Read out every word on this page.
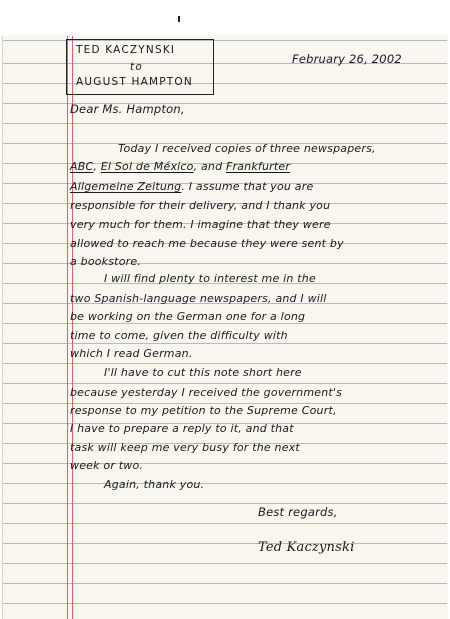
TED KACZYNSKI
to
AUGUST HAMPTON
February 26, 2002
Dear Ms. Hampton,
Today I received copies of three newspapers,
ABC, El Sol de México, and Frankfurter
Allgemeine Zeitung. I assume that you are
responsible for their delivery, and I thank you
very much for them. I imagine that they were
allowed to reach me because they were sent by
a bookstore.
I will find plenty to interest me in the
two Spanish-language newspapers, and I will
be working on the German one for a long
time to come, given the difficulty with
which I read German.
I'll have to cut this note short here
because yesterday I received the government's
response to my petition to the Supreme Court,
I have to prepare a reply to it, and that
task will keep me very busy for the next
week or two.
Again, thank you.
Best regards,
Ted Kaczynski
